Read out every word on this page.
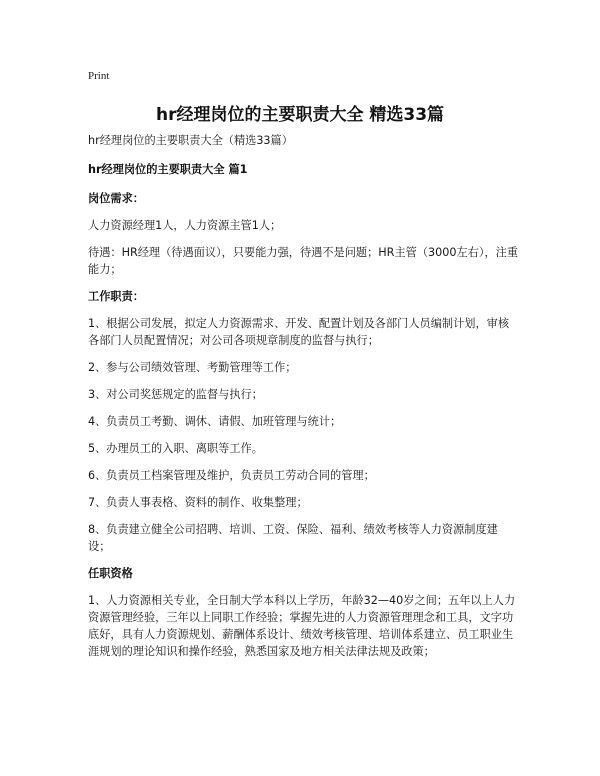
Print
hr经理岗位的主要职责大全 精选33篇

hr经理岗位的主要职责大全（精选33篇）

hr经理岗位的主要职责大全 篇1

岗位需求：

人力资源经理1人，人力资源主管1人；

待遇：HR经理（待遇面议），只要能力强，待遇不是问题；HR主管（3000左右），注重能力；

工作职责：

1、根据公司发展，拟定人力资源需求、开发、配置计划及各部门人员编制计划，审核各部门人员配置情况；对公司各项规章制度的监督与执行；

2、参与公司绩效管理、考勤管理等工作；

3、对公司奖惩规定的监督与执行；

4、负责员工考勤、调休、请假、加班管理与统计；

5、办理员工的入职、离职等工作。

6、负责员工档案管理及维护，负责员工劳动合同的管理；

7、负责人事表格、资料的制作、收集整理；

8、负责建立健全公司招聘、培训、工资、保险、福利、绩效考核等人力资源制度建设；

任职资格

1、人力资源相关专业，全日制大学本科以上学历，年龄32—40岁之间；五年以上人力资源管理经验，三年以上同职工作经验；掌握先进的人力资源管理理念和工具，文字功底好，具有人力资源规划、薪酬体系设计、绩效考核管理、培训体系建立、员工职业生涯规划的理论知识和操作经验，熟悉国家及地方相关法律法规及政策；
